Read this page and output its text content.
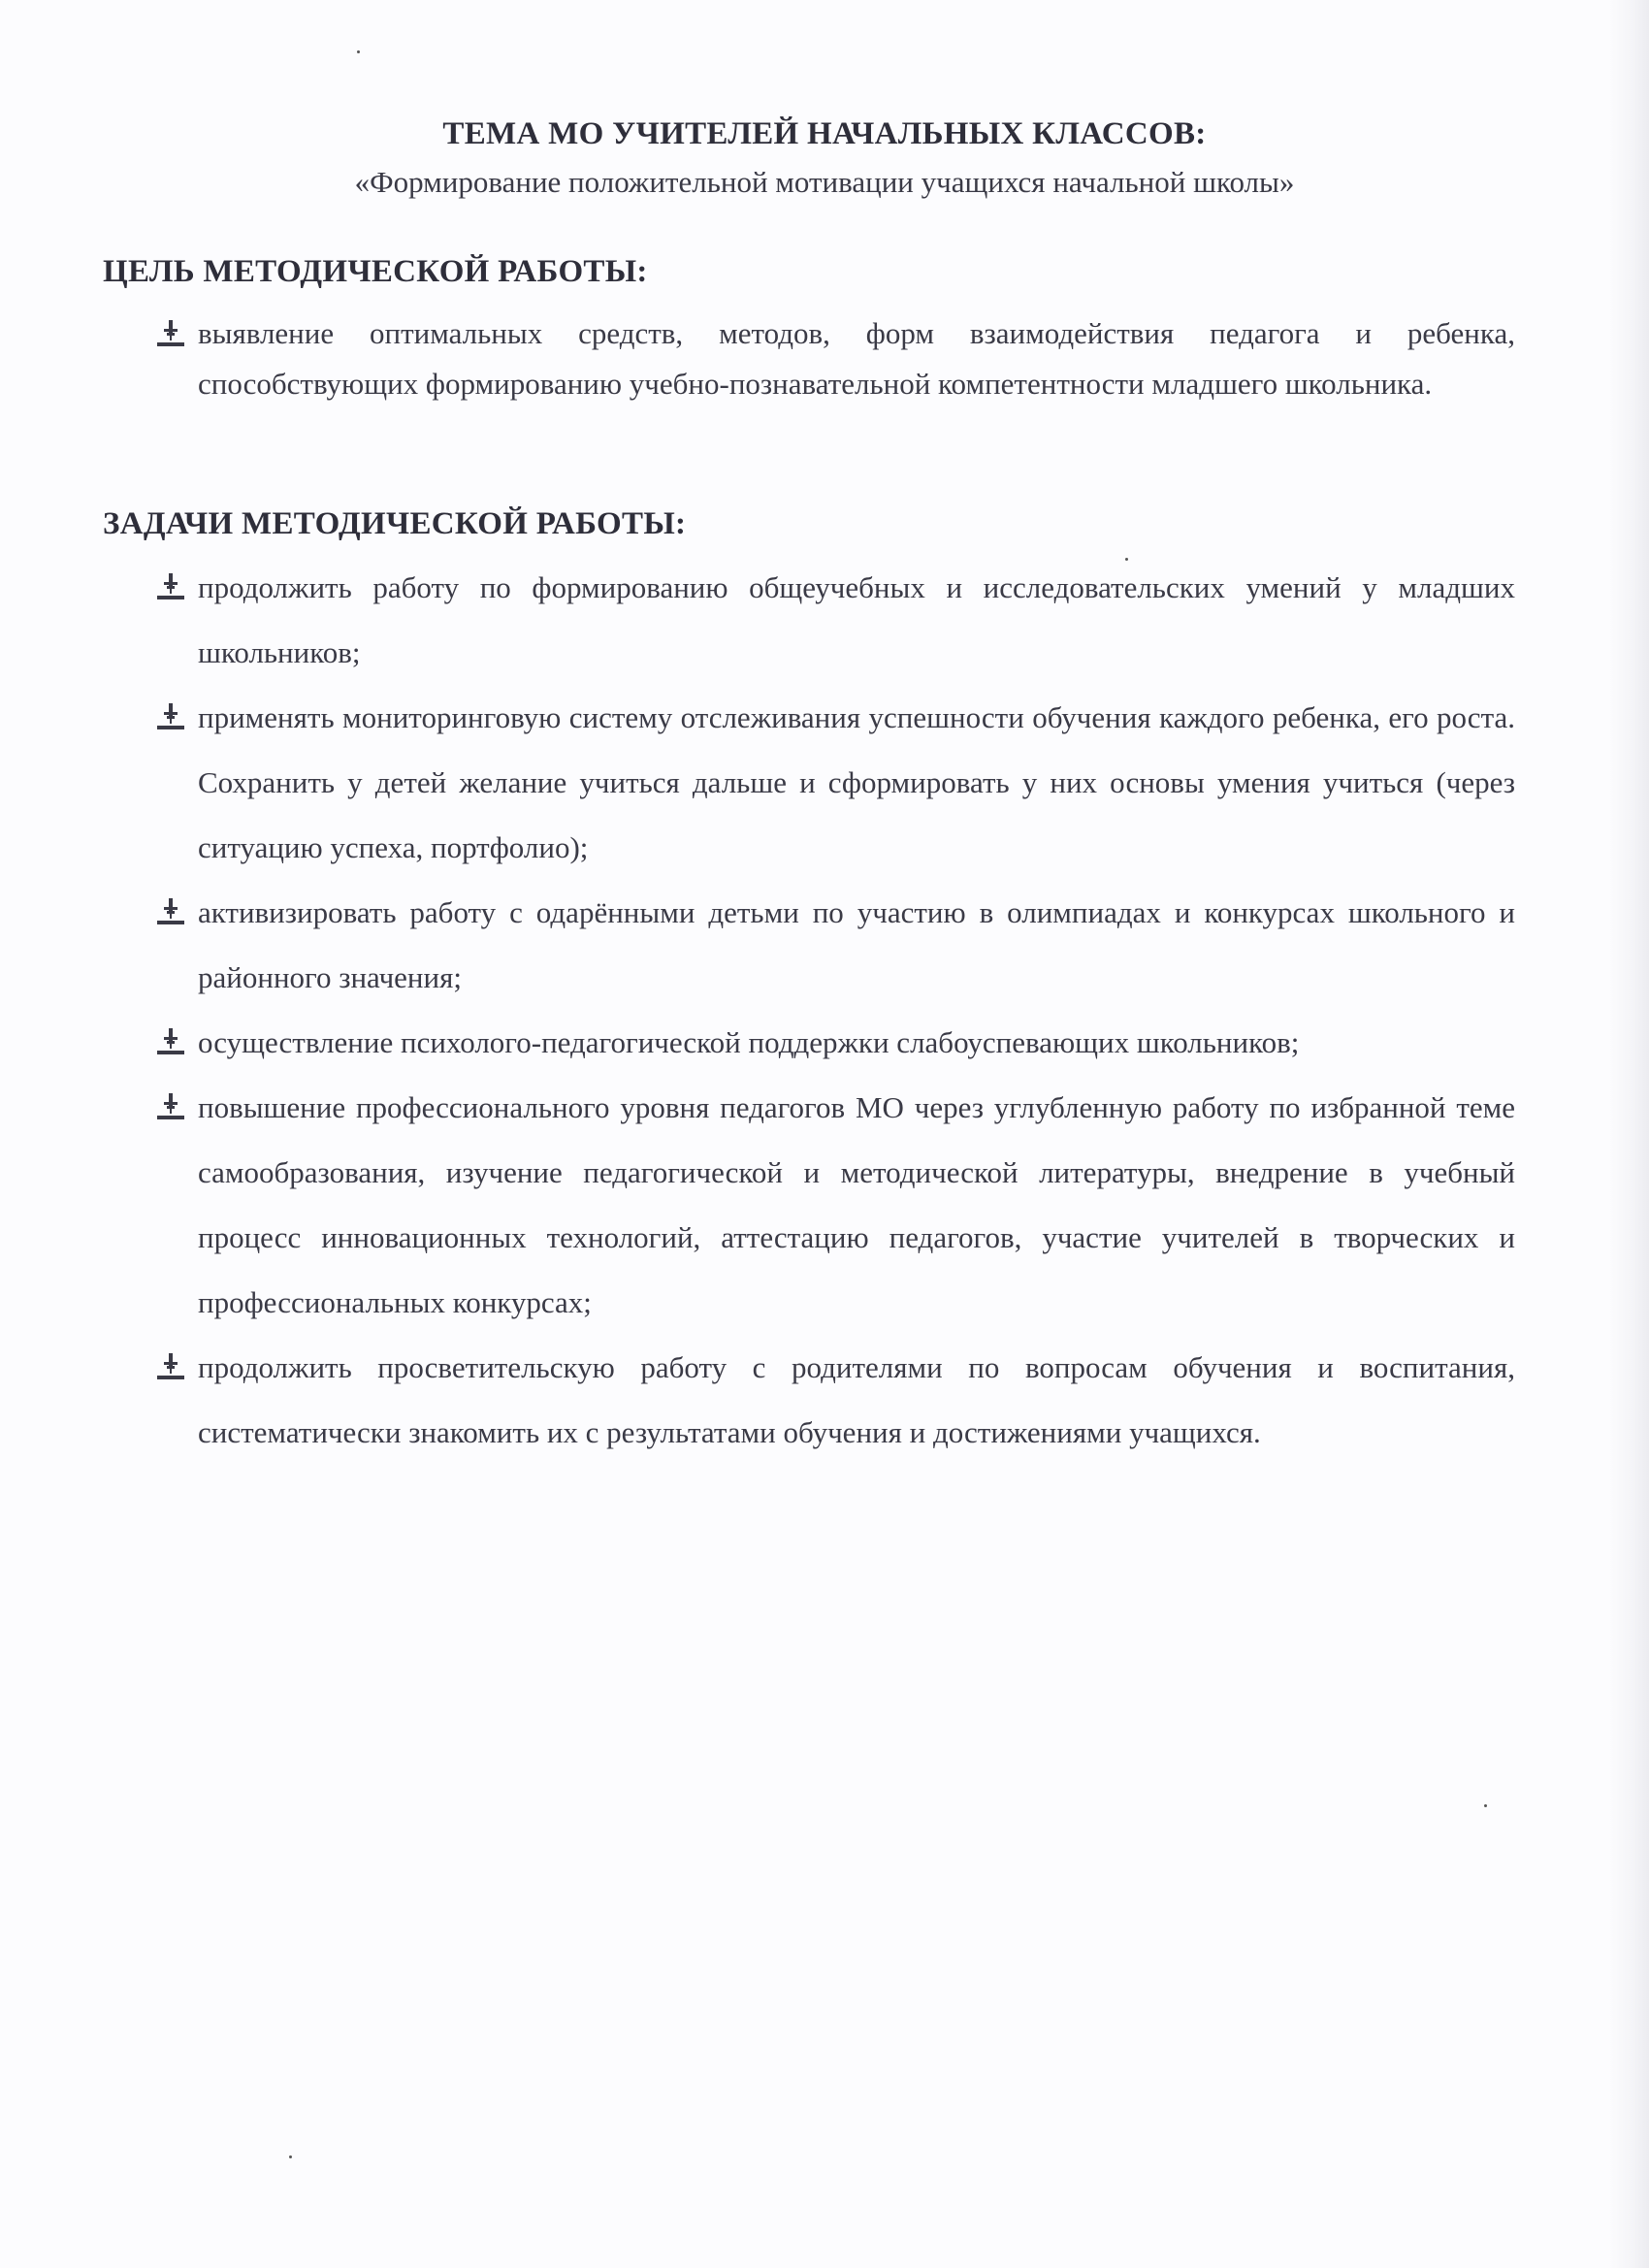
ТЕМА МО УЧИТЕЛЕЙ НАЧАЛЬНЫХ КЛАССОВ:
«Формирование положительной мотивации учащихся начальной школы»
ЦЕЛЬ МЕТОДИЧЕСКОЙ РАБОТЫ:
выявление оптимальных средств, методов, форм взаимодействия педагога и ребенка, способствующих формированию учебно-познавательной компетентности младшего школьника.
ЗАДАЧИ МЕТОДИЧЕСКОЙ РАБОТЫ:
продолжить работу по формированию общеучебных и исследовательских умений у младших школьников;
применять мониторинговую систему отслеживания успешности обучения каждого ребенка, его роста. Сохранить у детей желание учиться дальше и сформировать у них основы умения учиться (через ситуацию успеха, портфолио);
активизировать работу с одарёнными детьми по участию в олимпиадах и конкурсах школьного и районного значения;
осуществление психолого-педагогической поддержки слабоуспевающих школьников;
повышение профессионального уровня педагогов МО через углубленную работу по избранной теме самообразования, изучение педагогической и методической литературы, внедрение в учебный процесс инновационных технологий, аттестацию педагогов, участие учителей в творческих и профессиональных конкурсах;
продолжить просветительскую работу с родителями по вопросам обучения и воспитания, систематически знакомить их с результатами обучения и достижениями учащихся.
